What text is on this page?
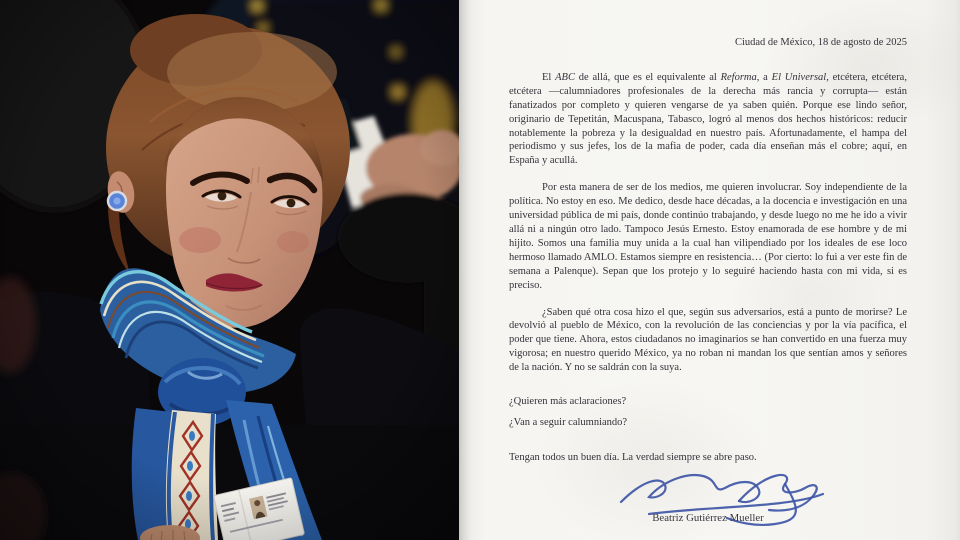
Ciudad de México, 18 de agosto de 2025

El ABC de allá, que es el equivalente al Reforma, a El Universal, etcétera, etcétera, etcétera —calumniadores profesionales de la derecha más rancia y corrupta— están fanatizados por completo y quieren vengarse de ya saben quién. Porque ese lindo señor, originario de Tepetitán, Macuspana, Tabasco, logró al menos dos hechos históricos: reducir notablemente la pobreza y la desigualdad en nuestro país. Afortunadamente, el hampa del periodismo y sus jefes, los de la mafia de poder, cada día enseñan más el cobre; aquí, en España y acullá.

Por esta manera de ser de los medios, me quieren involucrar. Soy independiente de la política. No estoy en eso. Me dedico, desde hace décadas, a la docencia e investigación en una universidad pública de mi país, donde continúo trabajando, y desde luego no me he ido a vivir allá ni a ningún otro lado. Tampoco Jesús Ernesto. Estoy enamorada de ese hombre y de mi hijito. Somos una familia muy unida a la cual han vilipendiado por los ideales de ese loco hermoso llamado AMLO. Estamos siempre en resistencia… (Por cierto: lo fui a ver este fin de semana a Palenque). Sepan que los protejo y lo seguiré haciendo hasta con mi vida, si es preciso.

¿Saben qué otra cosa hizo el que, según sus adversarios, está a punto de morirse? Le devolvió al pueblo de México, con la revolución de las conciencias y por la vía pacífica, el poder que tiene. Ahora, estos ciudadanos no imaginarios se han convertido en una fuerza muy vigorosa; en nuestro querido México, ya no roban ni mandan los que sentían amos y señores de la nación. Y no se saldrán con la suya.

¿Quieren más aclaraciones?

¿Van a seguir calumniando?

Tengan todos un buen día. La verdad siempre se abre paso.

Beatriz Gutiérrez Mueller
